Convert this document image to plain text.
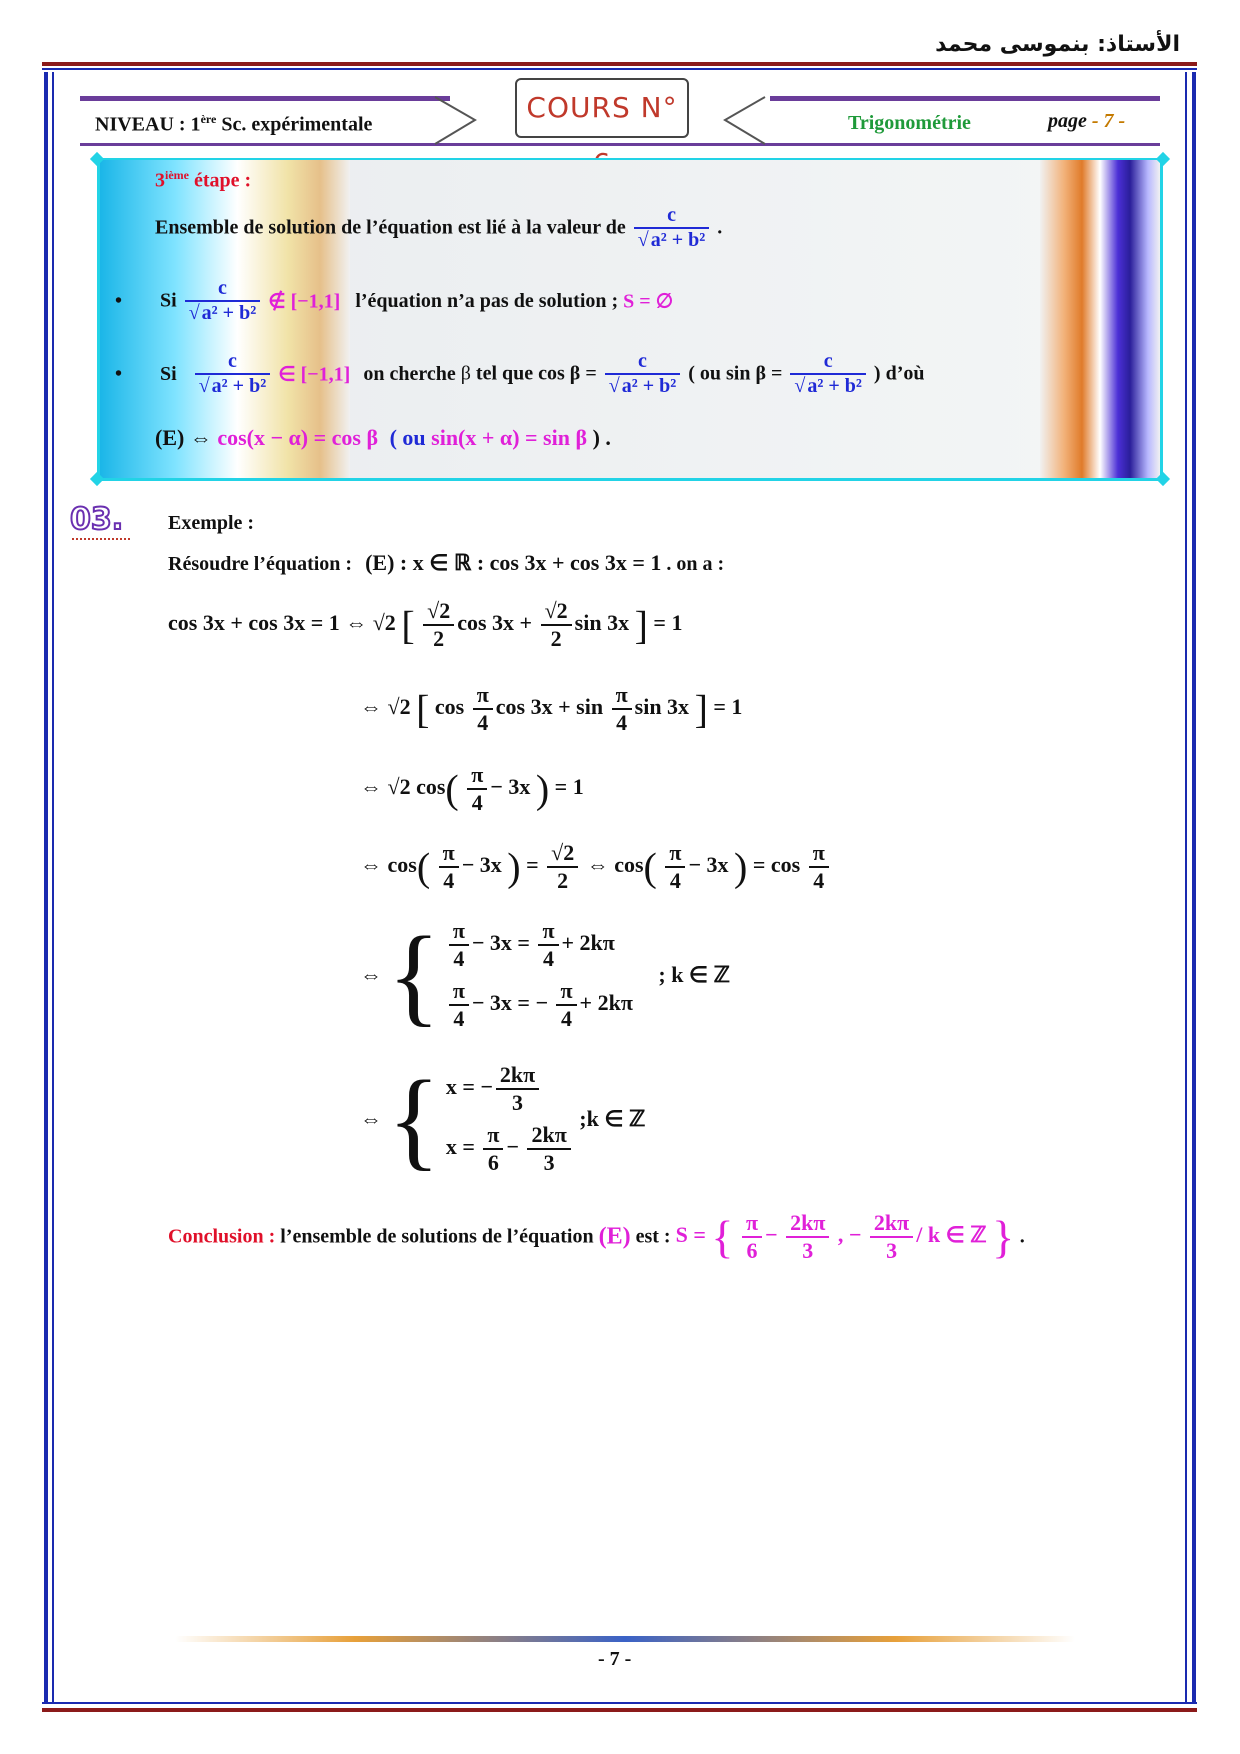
الأستاذ: بنموسى محمد
COURS N°
NIVEAU : 1ère Sc. expérimentale	Trigonométrie	page - 7 -
3ième étape :
Ensemble de solution de l’équation est lié à la valeur de $\frac{c}{\text{√ a² + b²}}$ .
• Si $\frac{c}{\text{√ a² + b²}}$ ∉ [−1,1] l’équation n’a pas de solution ; S = ∅
• Si $\frac{c}{\text{√ a² + b²}}$ ∈ [−1,1] on cherche β tel que $\cos \beta = \frac{c}{\text{√ a² + b²}}$ ( ou $\sin \beta = \frac{c}{\text{√ a² + b²}}$ ) d’où
(E) ⇔ cos(x − α) = cos β ( ou sin(x + α) = sin β ) .
03. Exemple :
Résoudre l’équation : (E) : x ∈ ℝ : cos 3x + cos 3x = 1 . on a :
cos 3x + cos 3x = 1 ⇔ √2 [ $\frac{√2}{2}$ $\cos 3x + \frac{√2}{2}$ sin 3x ] = 1
⇔ √2 [ $\cos \frac{\pi}{4}$ $\cos 3x + \sin \frac{\pi}{4}$ sin 3x ] = 1
⇔ √2 $\cos( \frac{\pi}{4} - 3x$ ) = 1
⇔ $\cos( \frac{\pi}{4} - 3x$ ) = $\frac{√2}{2}$ ⇔ $\cos( \frac{\pi}{4} - 3x$ ) = $\cos \frac{\pi}{4}$
⇔ { $\frac{\pi}{4} - 3x = \frac{\pi}{4} + 2k\pi$
$\frac{\pi}{4} - 3x$ = − $\frac{\pi}{4} + 2k\pi$
; k ∈ ℤ
⇔ { x = − $\frac{2k\pi}{3}$
$x = \frac{\pi}{6} - \frac{2k\pi}{3}$
;k ∈ ℤ
Conclusion : l’ensemble de solutions de l’équation (E) est : S = { $\frac{\pi}{6} - \frac{2k\pi}{3}$ , − $\frac{2k\pi}{3}$ / k ∈ ℤ } .
- 7 -
